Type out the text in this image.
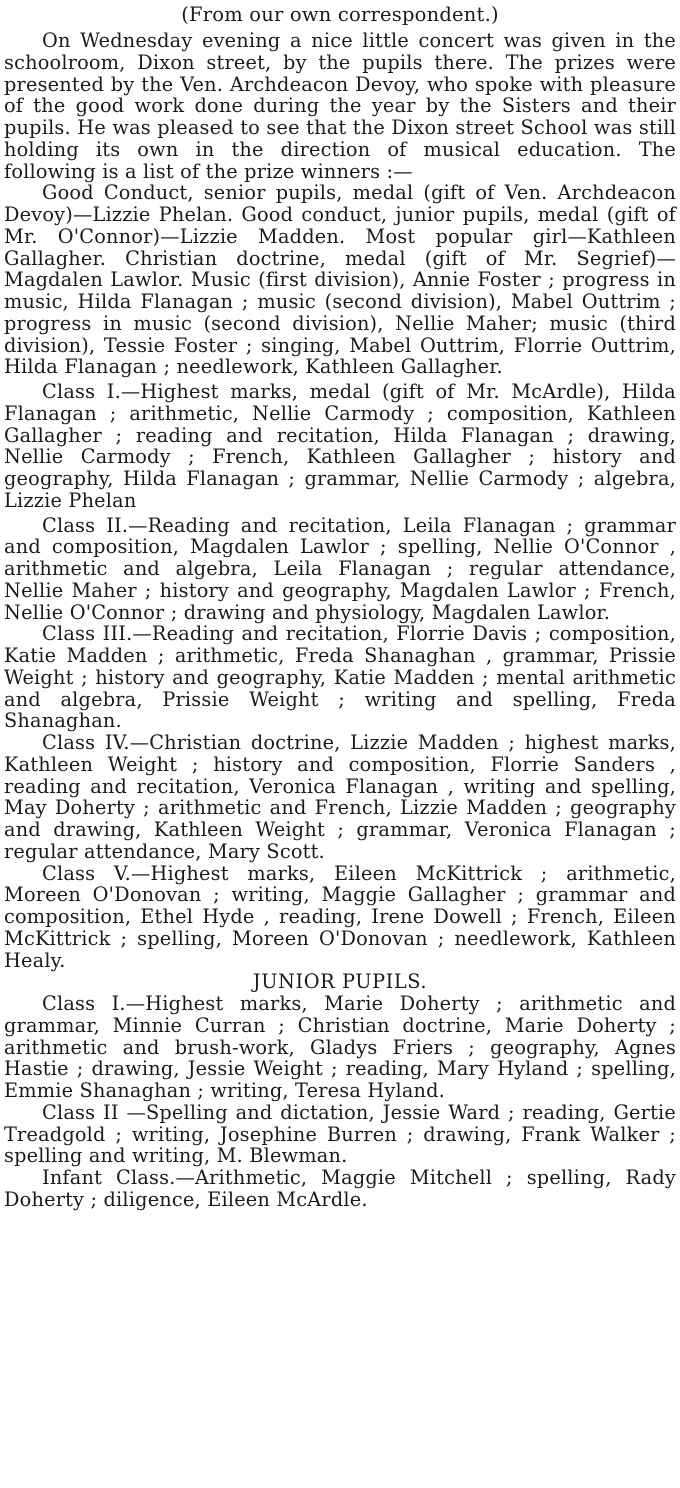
(From our own correspondent.)

On Wednesday evening a nice little concert was given in the schoolroom, Dixon street, by the pupils there. The prizes were presented by the Ven. Archdeacon Devoy, who spoke with pleasure of the good work done during the year by the Sisters and their pupils. He was pleased to see that the Dixon street School was still holding its own in the direction of musical education. The following is a list of the prize winners :—

Good Conduct, senior pupils, medal (gift of Ven. Archdeacon Devoy)—Lizzie Phelan. Good conduct, junior pupils, medal (gift of Mr. O'Connor)—Lizzie Madden. Most popular girl—Kathleen Gallagher. Christian doctrine, medal (gift of Mr. Segrief)—Magdalen Lawlor. Music (first division), Annie Foster ; progress in music, Hilda Flanagan ; music (second division), Mabel Outtrim ; progress in music (second division), Nellie Maher; music (third division), Tessie Foster ; singing, Mabel Outtrim, Florrie Outtrim, Hilda Flanagan ; needlework, Kathleen Gallagher.

Class I.—Highest marks, medal (gift of Mr. McArdle), Hilda Flanagan ; arithmetic, Nellie Carmody ; composition, Kathleen Gallagher ; reading and recitation, Hilda Flanagan ; drawing, Nellie Carmody ; French, Kathleen Gallagher ; history and geography, Hilda Flanagan ; grammar, Nellie Carmody ; algebra, Lizzie Phelan

Class II.—Reading and recitation, Leila Flanagan ; grammar and composition, Magdalen Lawlor ; spelling, Nellie O'Connor , arithmetic and algebra, Leila Flanagan ; regular attendance, Nellie Maher ; history and geography, Magdalen Lawlor ; French, Nellie O'Connor ; drawing and physiology, Magdalen Lawlor.

Class III.—Reading and recitation, Florrie Davis ; composition, Katie Madden ; arithmetic, Freda Shanaghan , grammar, Prissie Weight ; history and geography, Katie Madden ; mental arithmetic and algebra, Prissie Weight ; writing and spelling, Freda Shanaghan.

Class IV.—Christian doctrine, Lizzie Madden ; highest marks, Kathleen Weight ; history and composition, Florrie Sanders , reading and recitation, Veronica Flanagan , writing and spelling, May Doherty ; arithmetic and French, Lizzie Madden ; geography and drawing, Kathleen Weight ; grammar, Veronica Flanagan ; regular attendance, Mary Scott.

Class V.—Highest marks, Eileen McKittrick ; arithmetic, Moreen O'Donovan ; writing, Maggie Gallagher ; grammar and composition, Ethel Hyde , reading, Irene Dowell ; French, Eileen McKittrick ; spelling, Moreen O'Donovan ; needlework, Kathleen Healy.

JUNIOR PUPILS.

Class I.—Highest marks, Marie Doherty ; arithmetic and grammar, Minnie Curran ; Christian doctrine, Marie Doherty ; arithmetic and brush-work, Gladys Friers ; geography, Agnes Hastie ; drawing, Jessie Weight ; reading, Mary Hyland ; spelling, Emmie Shanaghan ; writing, Teresa Hyland.

Class II —Spelling and dictation, Jessie Ward ; reading, Gertie Treadgold ; writing, Josephine Burren ; drawing, Frank Walker ; spelling and writing, M. Blewman.

Infant Class.—Arithmetic, Maggie Mitchell ; spelling, Rady Doherty ; diligence, Eileen McArdle.
